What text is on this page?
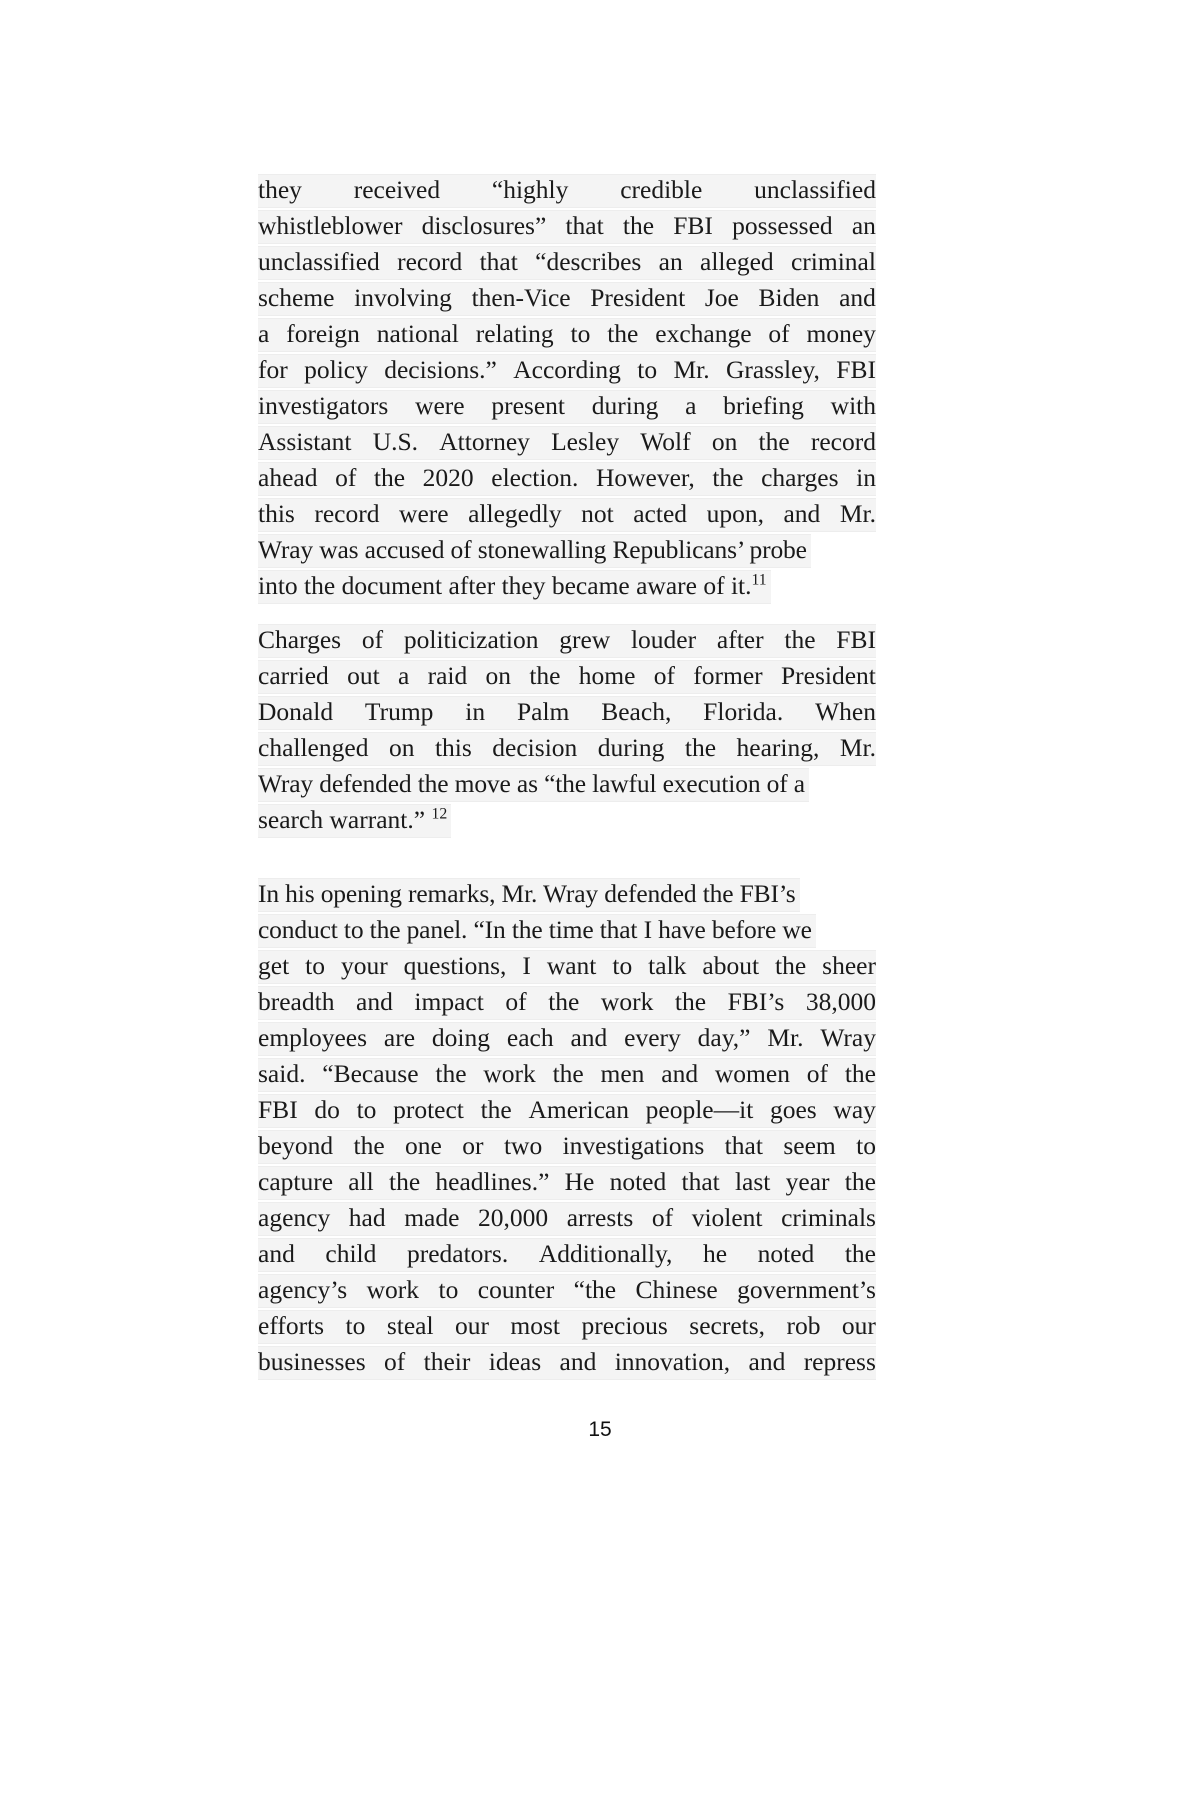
they received “highly credible unclassified
whistleblower disclosures” that the FBI possessed an
unclassified record that “describes an alleged criminal
scheme involving then-Vice President Joe Biden and
a foreign national relating to the exchange of money
for policy decisions.” According to Mr. Grassley, FBI
investigators were present during a briefing with
Assistant U.S. Attorney Lesley Wolf on the record
ahead of the 2020 election. However, the charges in
this record were allegedly not acted upon, and Mr.
Wray was accused of stonewalling Republicans’ probe
into the document after they became aware of it.$^{11}$
Charges of politicization grew louder after the FBI
carried out a raid on the home of former President
Donald Trump in Palm Beach, Florida. When
challenged on this decision during the hearing, Mr.
Wray defended the move as “the lawful execution of a
search warrant.” $^{12}$
In his opening remarks, Mr. Wray defended the FBI’s
conduct to the panel. “In the time that I have before we
get to your questions, I want to talk about the sheer
breadth and impact of the work the FBI’s 38,000
employees are doing each and every day,” Mr. Wray
said. “Because the work the men and women of the
FBI do to protect the American people—it goes way
beyond the one or two investigations that seem to
capture all the headlines.” He noted that last year the
agency had made 20,000 arrests of violent criminals
and child predators. Additionally, he noted the
agency’s work to counter “the Chinese government’s
efforts to steal our most precious secrets, rob our
businesses of their ideas and innovation, and repress
15
